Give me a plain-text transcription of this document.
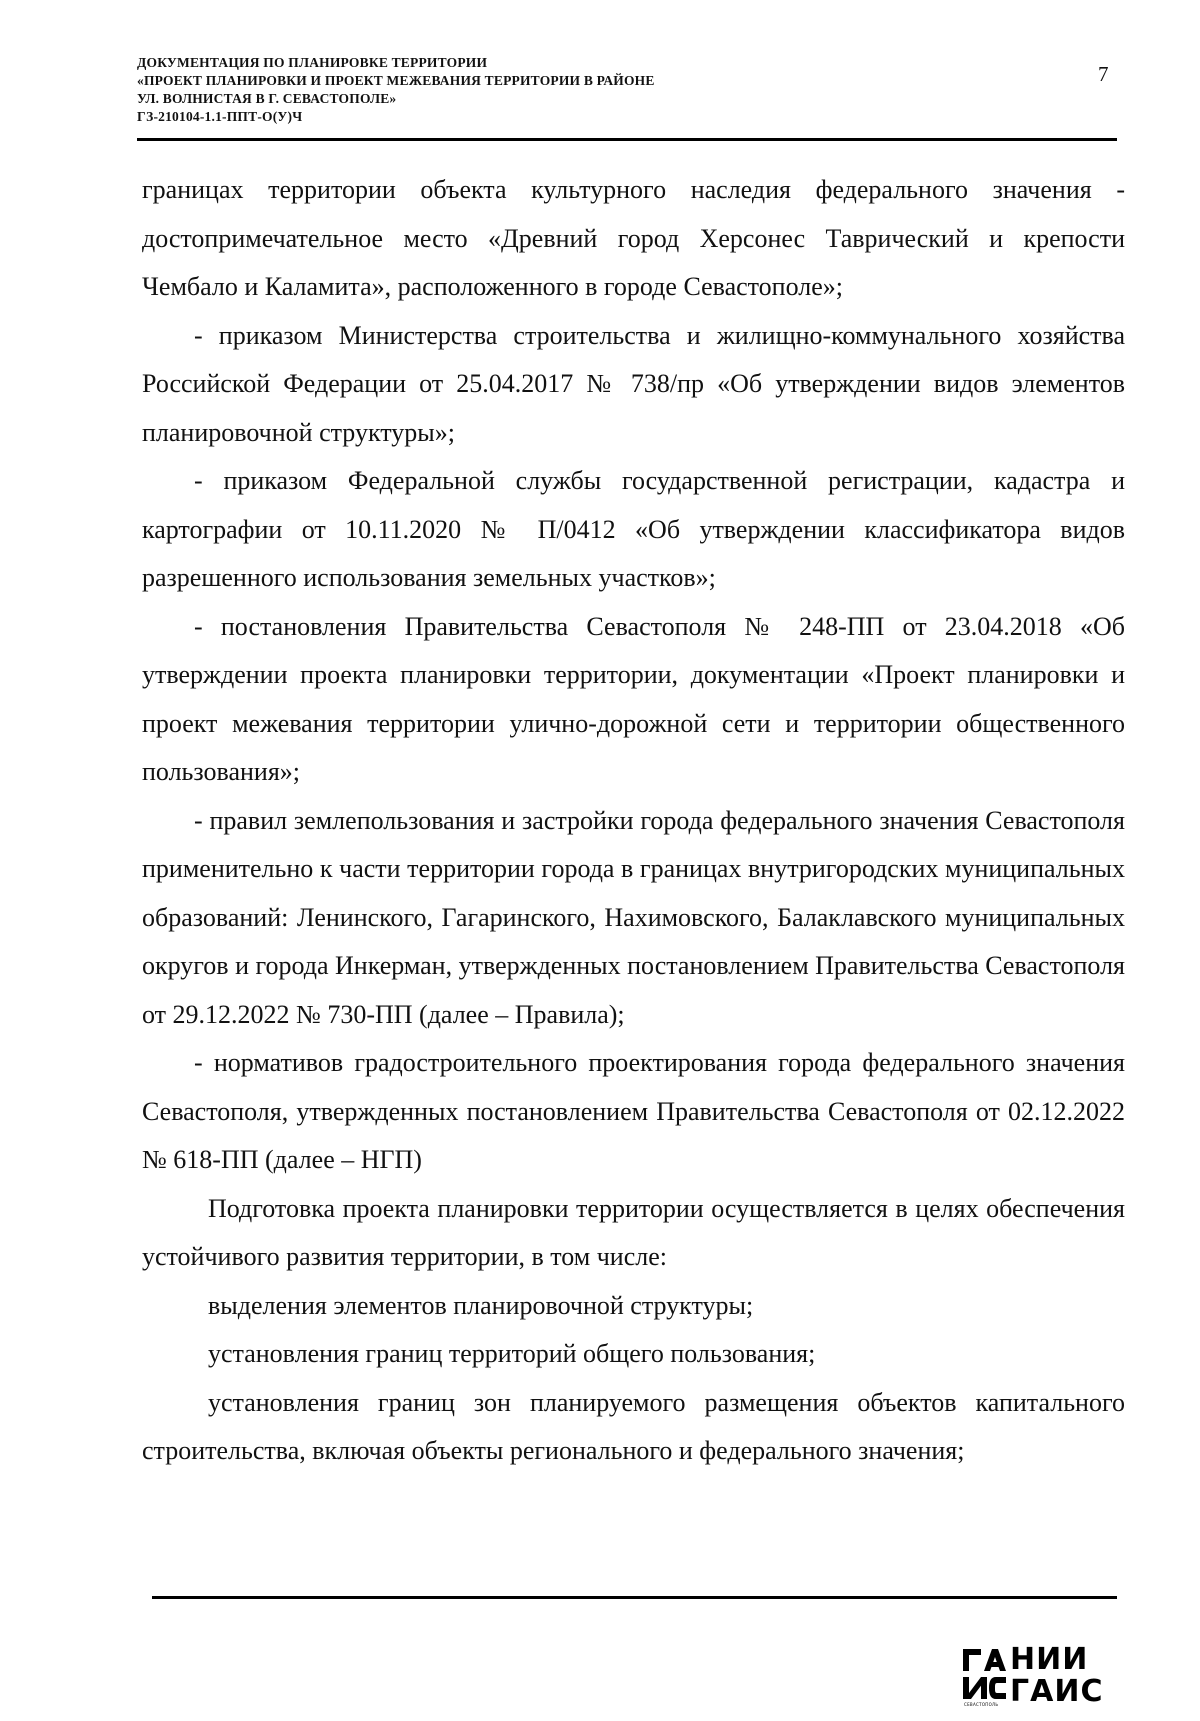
ДОКУМЕНТАЦИЯ ПО ПЛАНИРОВКЕ ТЕРРИТОРИИ
«ПРОЕКТ ПЛАНИРОВКИ И ПРОЕКТ МЕЖЕВАНИЯ ТЕРРИТОРИИ В РАЙОНЕ
УЛ. ВОЛНИСТАЯ В Г. СЕВАСТОПОЛЕ»
ГЗ-210104-1.1-ППТ-О(У)Ч
7

границах территории объекта культурного наследия федерального значения - достопримечательное место «Древний город Херсонес Таврический и крепости Чембало и Каламита», расположенного в городе Севастополе»;

- приказом Министерства строительства и жилищно-коммунального хозяйства Российской Федерации от 25.04.2017 № 738/пр «Об утверждении видов элементов планировочной структуры»;

- приказом Федеральной службы государственной регистрации, кадастра и картографии от 10.11.2020 № П/0412 «Об утверждении классификатора видов разрешенного использования земельных участков»;

- постановления Правительства Севастополя № 248-ПП от 23.04.2018 «Об утверждении проекта планировки территории, документации «Проект планировки и проект межевания территории улично-дорожной сети и территории общественного пользования»;

- правил землепользования и застройки города федерального значения Севастополя применительно к части территории города в границах внутригородских муниципальных образований: Ленинского, Гагаринского, Нахимовского, Балаклавского муниципальных округов и города Инкерман, утвержденных постановлением Правительства Севастополя от 29.12.2022 № 730-ПП (далее – Правила);

- нормативов градостроительного проектирования города федерального значения Севастополя, утвержденных постановлением Правительства Севастополя от 02.12.2022 № 618-ПП (далее – НГП)

Подготовка проекта планировки территории осуществляется в целях обеспечения устойчивого развития территории, в том числе:

выделения элементов планировочной структуры;

установления границ территорий общего пользования;

установления границ зон планируемого размещения объектов капитального строительства, включая объекты регионального и федерального значения;

НИИ
ГАИС
СЕВАСТОПОЛЬ
